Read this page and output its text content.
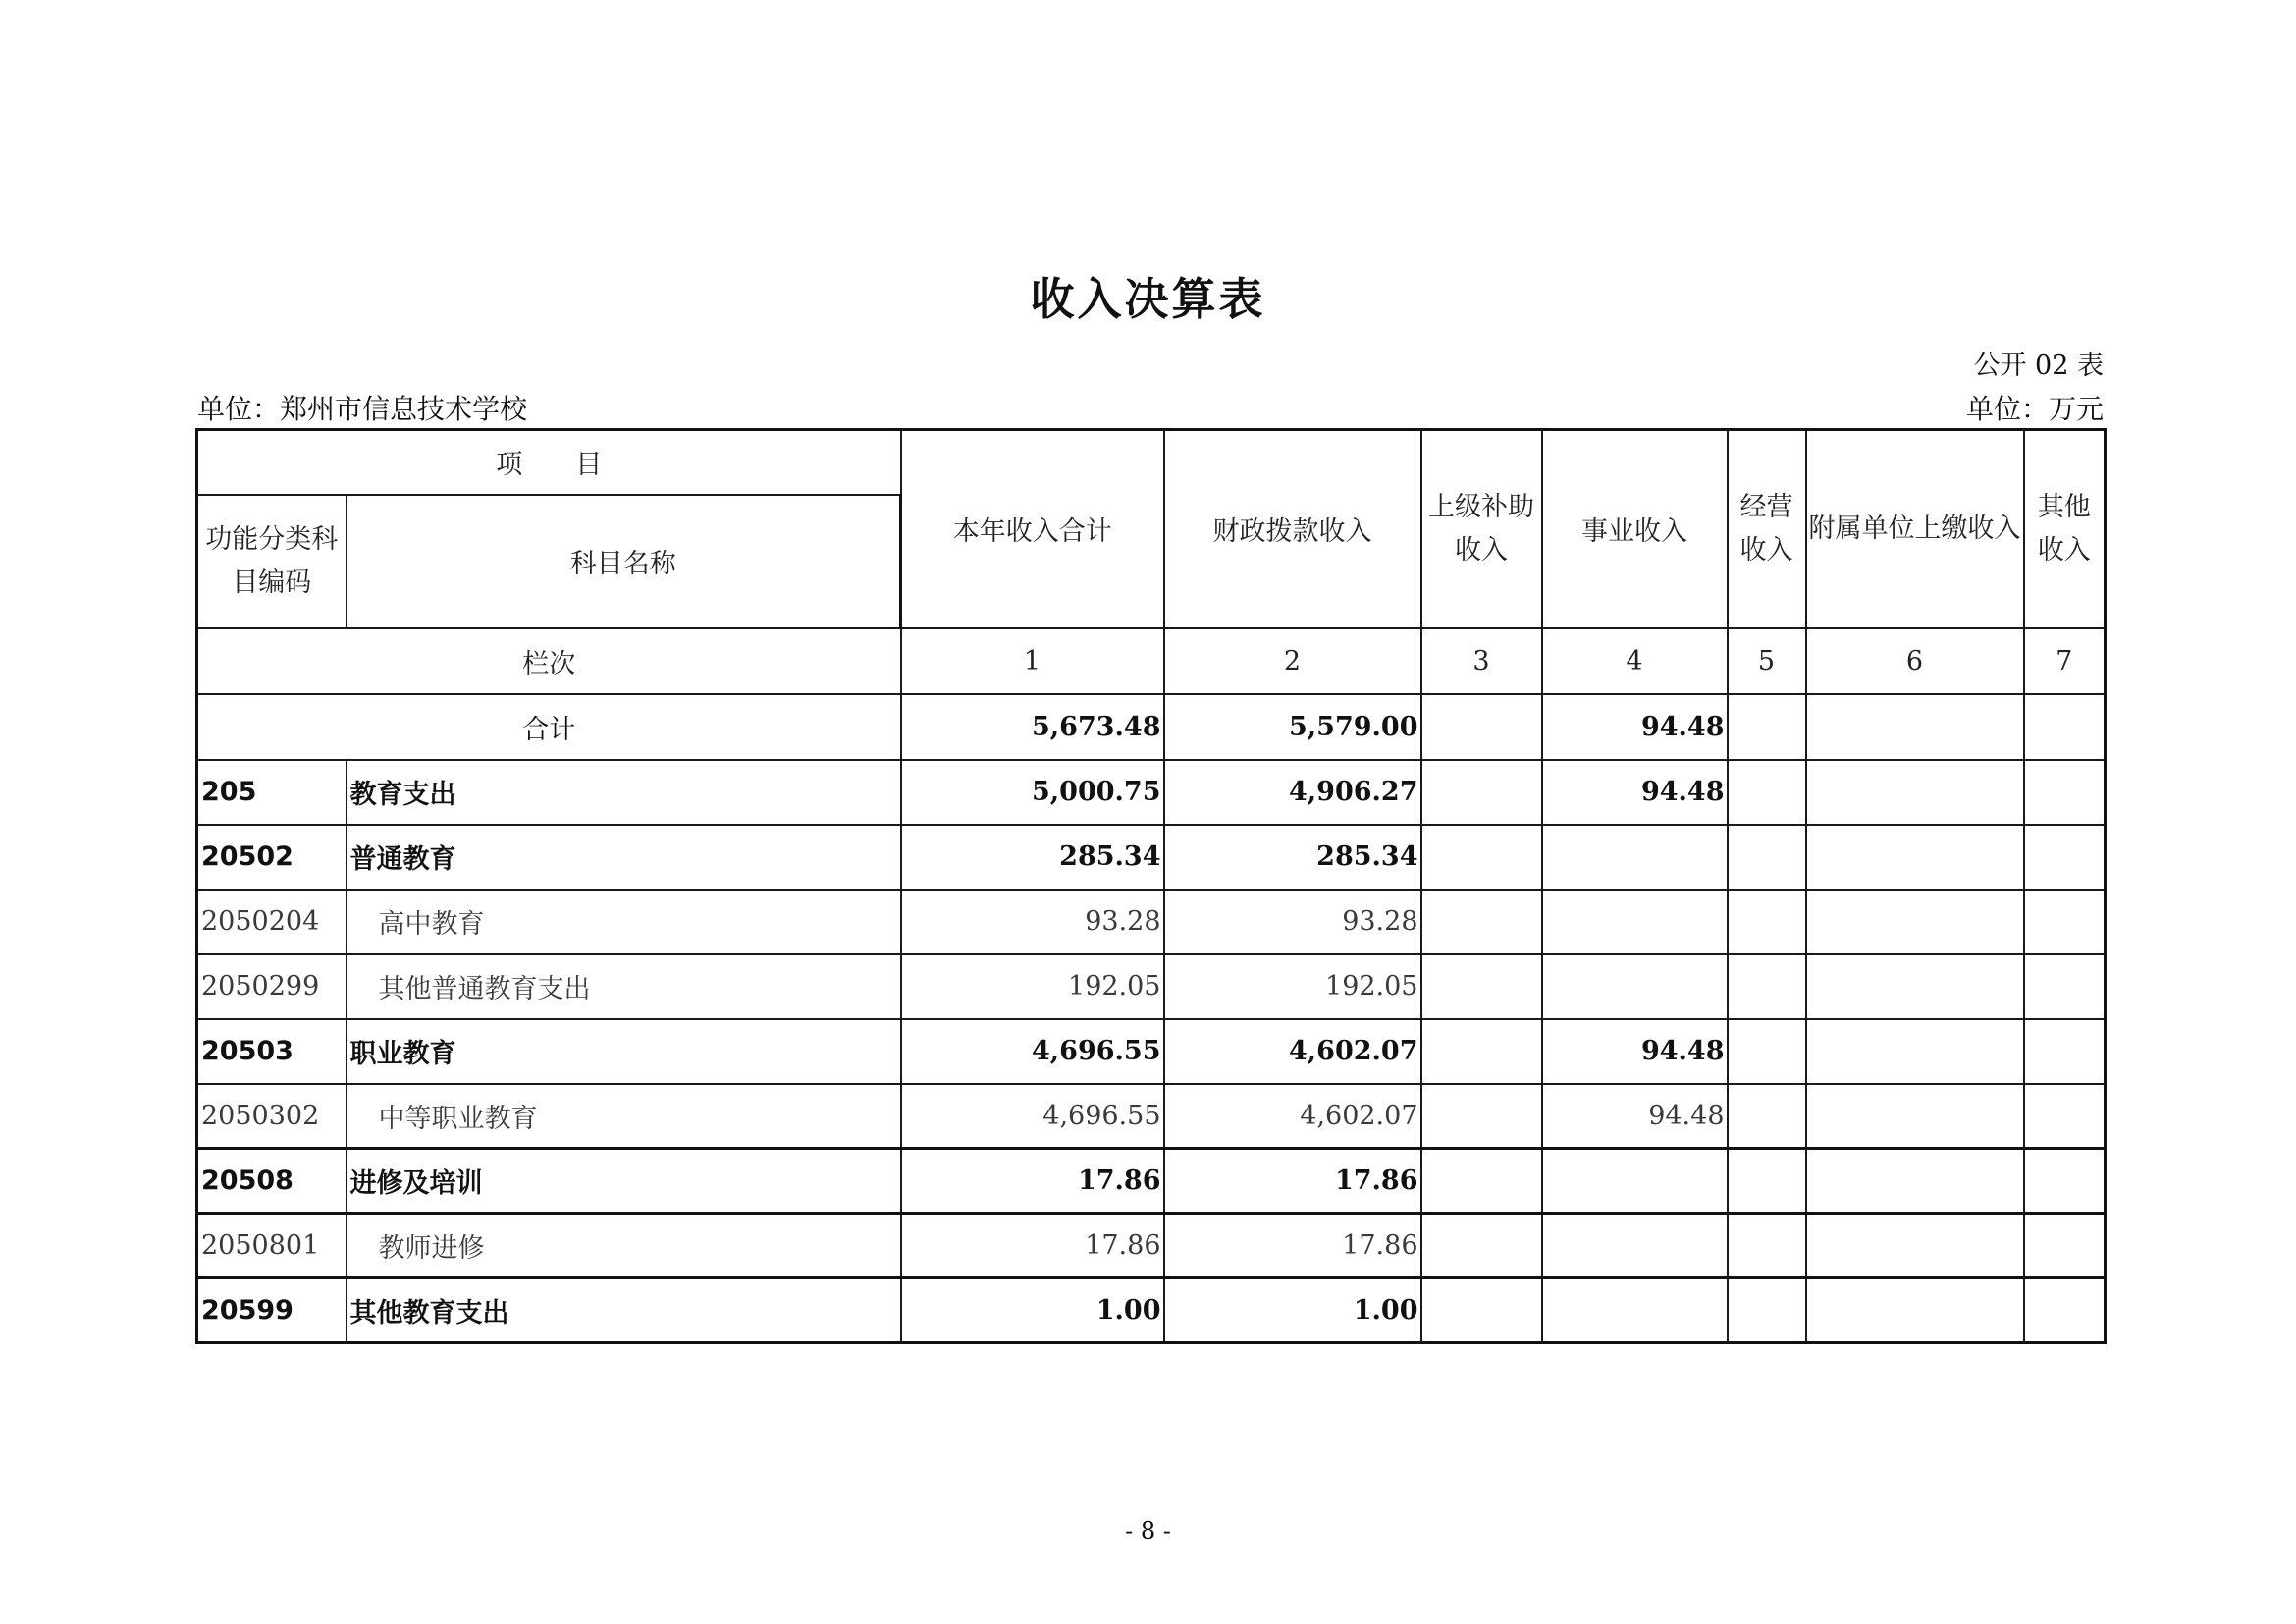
收入决算表
公开 02 表
单位：郑州市信息技术学校	单位：万元
项　　目		本年收入合计	财政拨款收入	上级补助收入	事业收入	经营收入	附属单位上缴收入	其他收入
功能分类科目编码	科目名称							
栏次		1	2	3	4	5	6	7
合计		5,673.48	5,579.00		94.48			
205	教育支出	5,000.75	4,906.27		94.48			
20502	普通教育	285.34	285.34					
2050204	高中教育	93.28	93.28					
2050299	其他普通教育支出	192.05	192.05					
20503	职业教育	4,696.55	4,602.07		94.48			
2050302	中等职业教育	4,696.55	4,602.07		94.48			
20508	进修及培训	17.86	17.86					
2050801	教师进修	17.86	17.86					
20599	其他教育支出	1.00	1.00					
- 8 -
